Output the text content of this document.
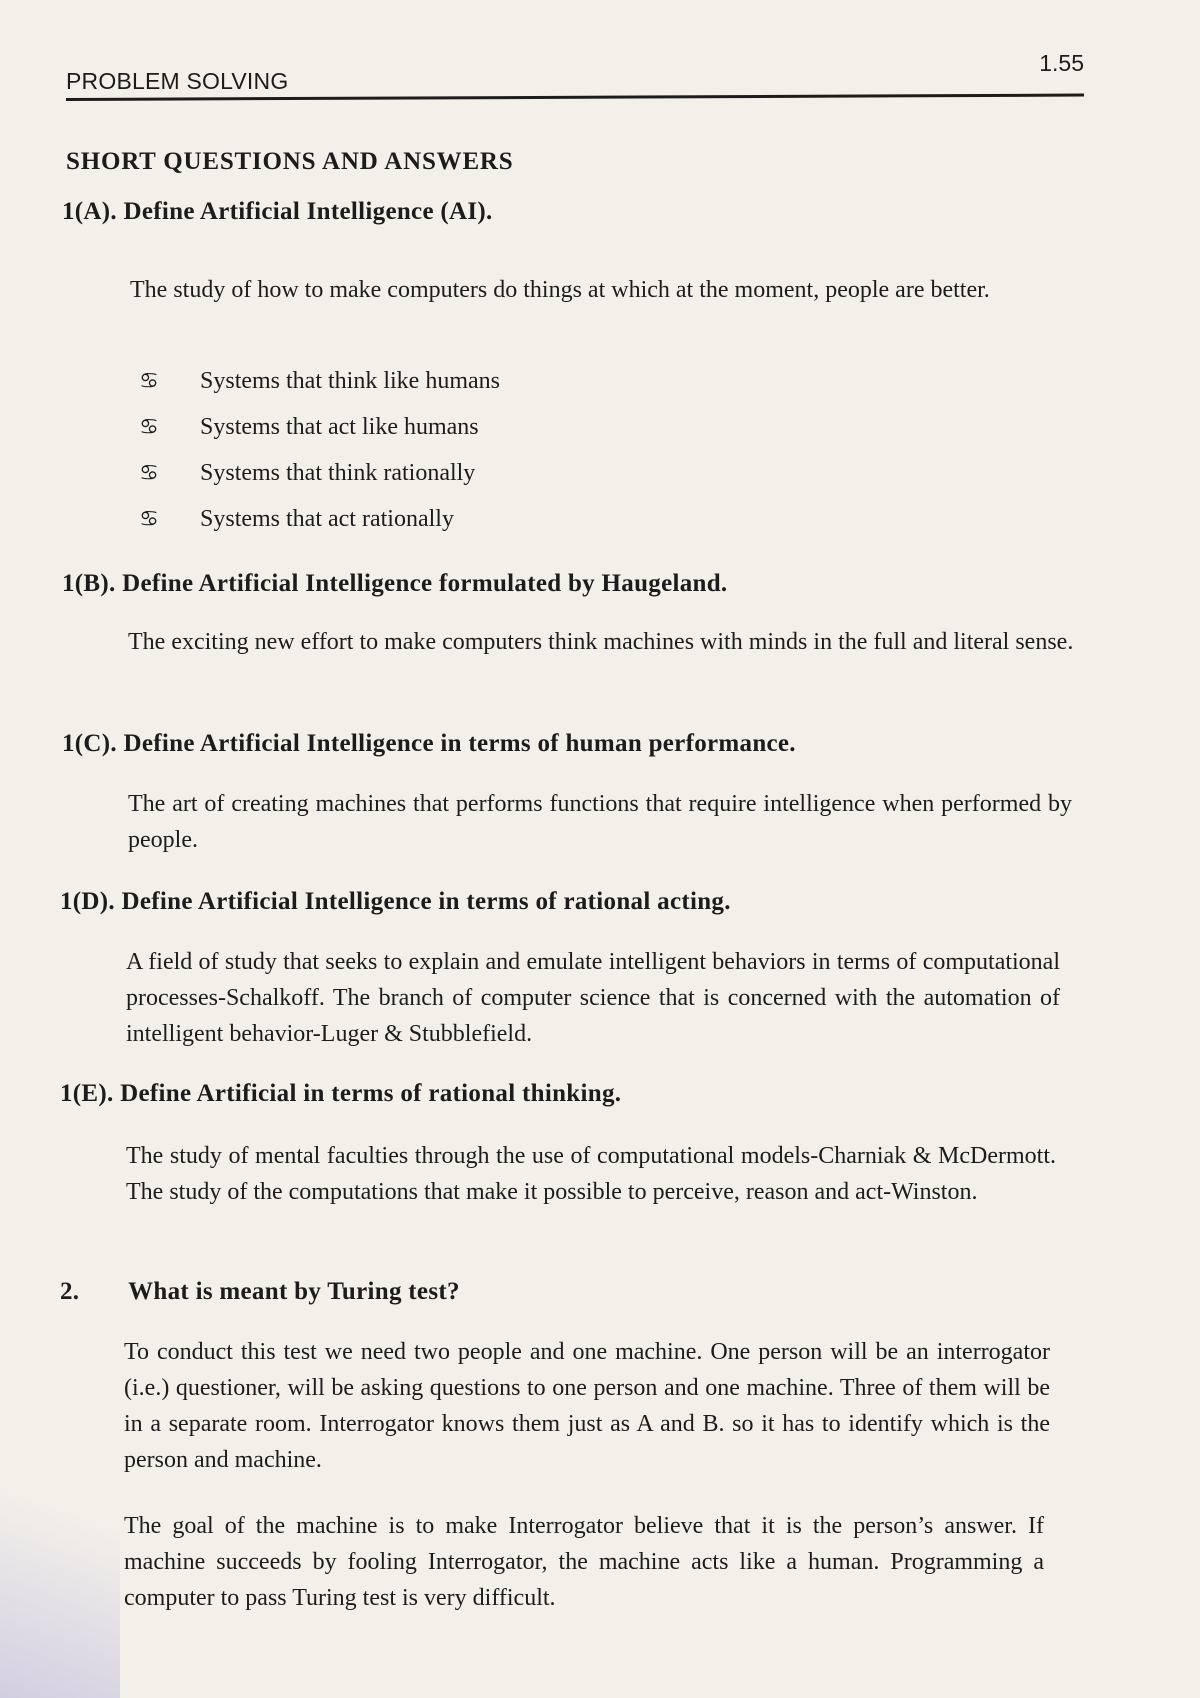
PROBLEM SOLVING
1.55
SHORT QUESTIONS AND ANSWERS
1(A). Define Artificial Intelligence (AI).
The study of how to make computers do things at which at the moment, people are better.
♋	Systems that think like humans
♋	Systems that act like humans
♋	Systems that think rationally
♋	Systems that act rationally
1(B). Define Artificial Intelligence formulated by Haugeland.
The exciting new effort to make computers think machines with minds in the full and literal sense.
1(C). Define Artificial Intelligence in terms of human performance.
The art of creating machines that performs functions that require intelligence when performed by people.
1(D). Define Artificial Intelligence in terms of rational acting.
A field of study that seeks to explain and emulate intelligent behaviors in terms of computational processes-Schalkoff. The branch of computer science that is concerned with the automation of intelligent behavior-Luger & Stubblefield.
1(E). Define Artificial in terms of rational thinking.
The study of mental faculties through the use of computational models-Charniak & McDermott. The study of the computations that make it possible to perceive, reason and act-Winston.
2. What is meant by Turing test?
To conduct this test we need two people and one machine. One person will be an interrogator (i.e.) questioner, will be asking questions to one person and one machine. Three of them will be in a separate room. Interrogator knows them just as A and B. so it has to identify which is the person and machine.
The goal of the machine is to make Interrogator believe that it is the person’s answer. If machine succeeds by fooling Interrogator, the machine acts like a human. Programming a computer to pass Turing test is very difficult.
